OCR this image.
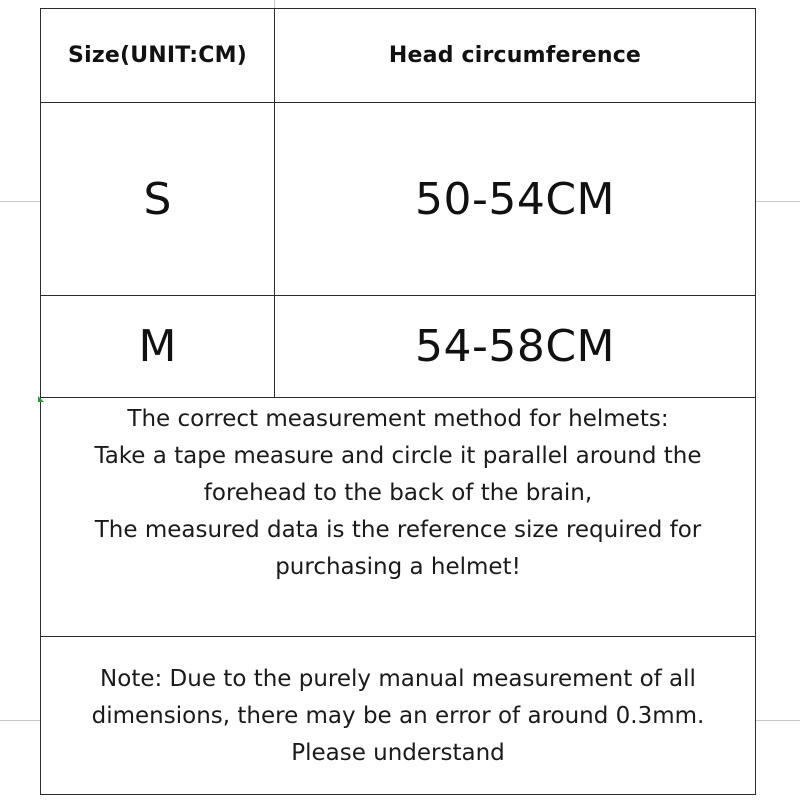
Size(UNIT:CM)	Head circumference
S	50-54CM
M	54-58CM
The correct measurement method for helmets:
Take a tape measure and circle it parallel around the
forehead to the back of the brain,
The measured data is the reference size required for
purchasing a helmet!
Note: Due to the purely manual measurement of all
dimensions, there may be an error of around 0.3mm.
Please understand
